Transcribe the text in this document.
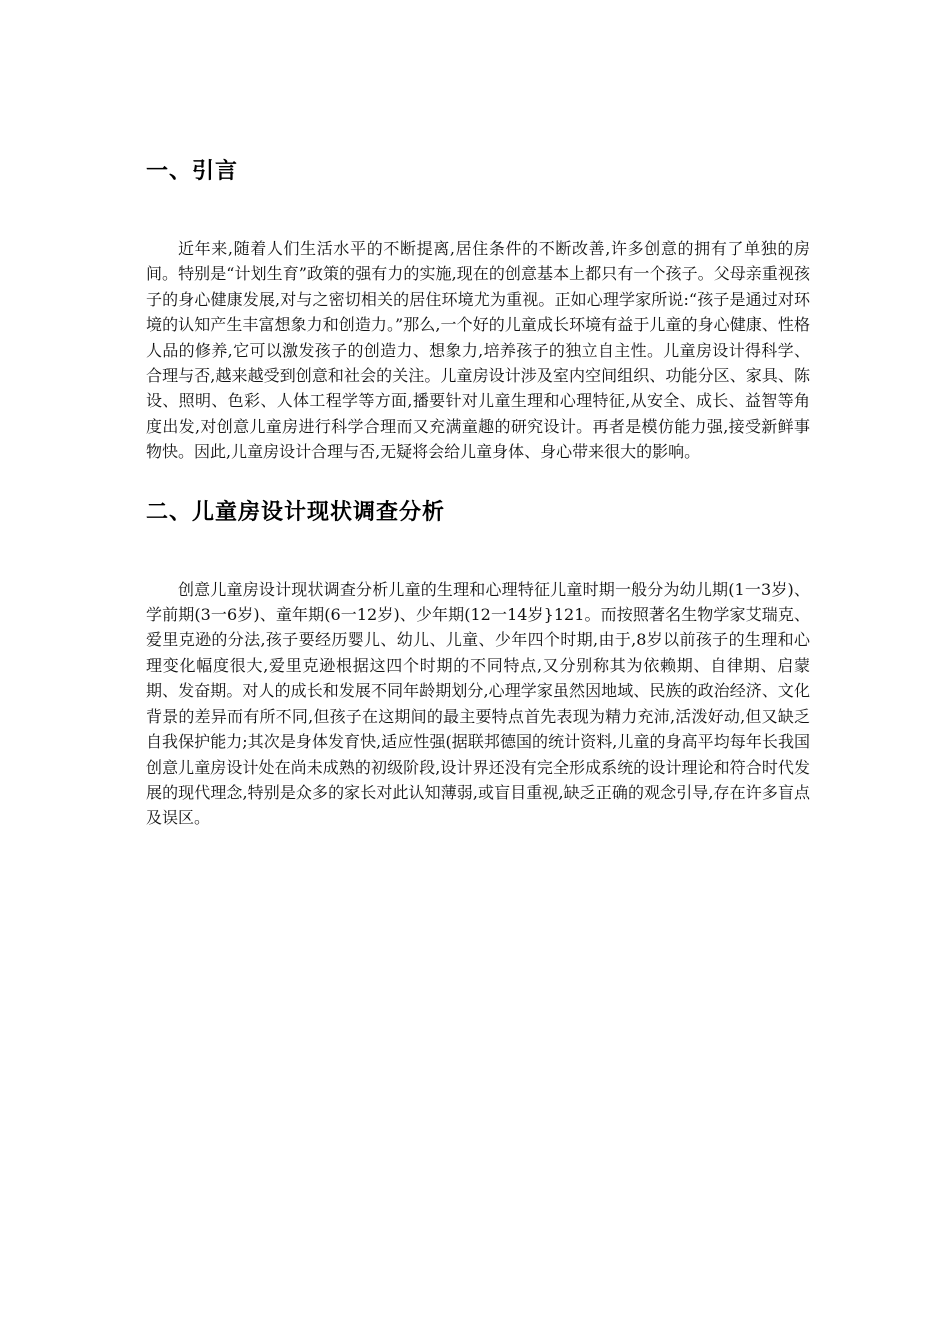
一、引言

近年来,随着人们生活水平的不断提离,居住条件的不断改善,许多创意的拥有了单独的房间。特别是“计划生育”政策的强有力的实施,现在的创意基本上都只有一个孩子。父母亲重视孩子的身心健康发展,对与之密切相关的居住环境尤为重视。正如心理学家所说:“孩子是通过对环境的认知产生丰富想象力和创造力。”那么,一个好的儿童成长环境有益于儿童的身心健康、性格人品的修养,它可以激发孩子的创造力、想象力,培养孩子的独立自主性。儿童房设计得科学、合理与否,越来越受到创意和社会的关注。儿童房设计涉及室内空间组织、功能分区、家具、陈设、照明、色彩、人体工程学等方面,播要针对儿童生理和心理特征,从安全、成长、益智等角度出发,对创意儿童房进行科学合理而又充满童趣的研究设计。再者是模仿能力强,接受新鲜事物快。因此,儿童房设计合理与否,无疑将会给儿童身体、身心带来很大的影响。

二、儿童房设计现状调查分析

创意儿童房设计现状调查分析儿童的生理和心理特征儿童时期一般分为幼儿期(1一3岁)、学前期(3一6岁)、童年期(6一12岁)、少年期(12一14岁}121。而按照著名生物学家艾瑞克、爱里克逊的分法,孩子要经历婴儿、幼儿、儿童、少年四个时期,由于,8岁以前孩子的生理和心理变化幅度很大,爱里克逊根据这四个时期的不同特点,又分别称其为依赖期、自律期、启蒙期、发奋期。对人的成长和发展不同年龄期划分,心理学家虽然因地域、民族的政治经济、文化背景的差异而有所不同,但孩子在这期间的最主要特点首先表现为精力充沛,活泼好动,但又缺乏自我保护能力;其次是身体发育快,适应性强(据联邦德国的统计资料,儿童的身高平均每年长我国创意儿童房设计处在尚未成熟的初级阶段,设计界还没有完全形成系统的设计理论和符合时代发展的现代理念,特别是众多的家长对此认知薄弱,或盲目重视,缺乏正确的观念引导,存在许多盲点及误区。
